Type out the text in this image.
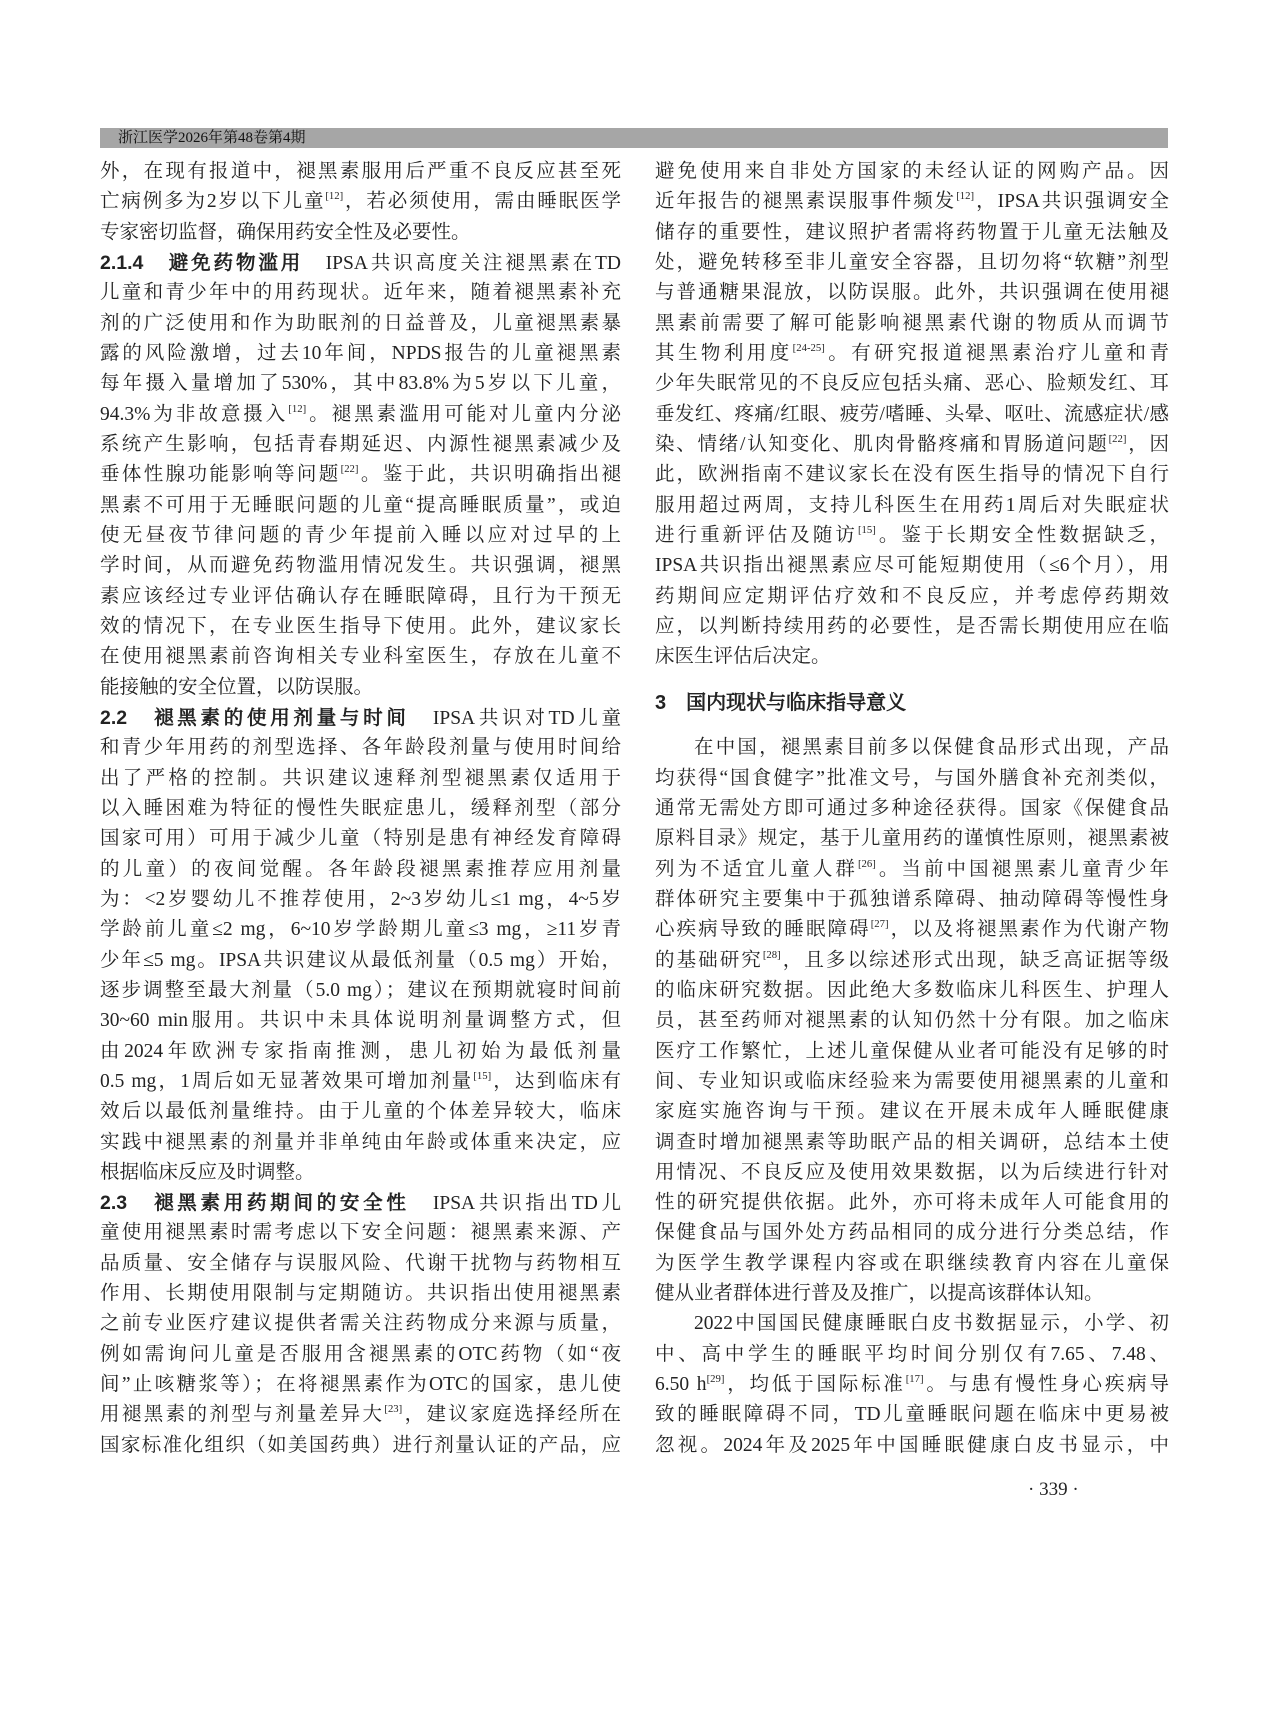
浙江医学2026年第48卷第4期
外，在现有报道中，褪黑素服用后严重不良反应甚至死
亡病例多为2岁以下儿童[12]，若必须使用，需由睡眠医学
专家密切监督，确保用药安全性及必要性。
2.1.4　避免药物滥用　IPSA共识高度关注褪黑素在TD
儿童和青少年中的用药现状。近年来，随着褪黑素补充
剂的广泛使用和作为助眠剂的日益普及，儿童褪黑素暴
露的风险激增，过去10年间，NPDS报告的儿童褪黑素
每年摄入量增加了530%，其中83.8%为5岁以下儿童，
94.3%为非故意摄入[12]。褪黑素滥用可能对儿童内分泌
系统产生影响，包括青春期延迟、内源性褪黑素减少及
垂体性腺功能影响等问题[22]。鉴于此，共识明确指出褪
黑素不可用于无睡眠问题的儿童“提高睡眠质量”，或迫
使无昼夜节律问题的青少年提前入睡以应对过早的上
学时间，从而避免药物滥用情况发生。共识强调，褪黑
素应该经过专业评估确认存在睡眠障碍，且行为干预无
效的情况下，在专业医生指导下使用。此外，建议家长
在使用褪黑素前咨询相关专业科室医生，存放在儿童不
能接触的安全位置，以防误服。
2.2　褪黑素的使用剂量与时间　IPSA共识对TD儿童
和青少年用药的剂型选择、各年龄段剂量与使用时间给
出了严格的控制。共识建议速释剂型褪黑素仅适用于
以入睡困难为特征的慢性失眠症患儿，缓释剂型（部分
国家可用）可用于减少儿童（特别是患有神经发育障碍
的儿童）的夜间觉醒。各年龄段褪黑素推荐应用剂量
为：<2岁婴幼儿不推荐使用，2~3岁幼儿≤1 mg，4~5岁
学龄前儿童≤2 mg，6~10岁学龄期儿童≤3 mg，≥11岁青
少年≤5 mg。IPSA共识建议从最低剂量（0.5 mg）开始，
逐步调整至最大剂量（5.0 mg）；建议在预期就寝时间前
30~60 min服用。共识中未具体说明剂量调整方式，但
由2024年欧洲专家指南推测，患儿初始为最低剂量
0.5 mg，1周后如无显著效果可增加剂量[15]，达到临床有
效后以最低剂量维持。由于儿童的个体差异较大，临床
实践中褪黑素的剂量并非单纯由年龄或体重来决定，应
根据临床反应及时调整。
2.3　褪黑素用药期间的安全性　IPSA共识指出TD儿
童使用褪黑素时需考虑以下安全问题：褪黑素来源、产
品质量、安全储存与误服风险、代谢干扰物与药物相互
作用、长期使用限制与定期随访。共识指出使用褪黑素
之前专业医疗建议提供者需关注药物成分来源与质量，
例如需询问儿童是否服用含褪黑素的OTC药物（如“夜
间”止咳糖浆等）；在将褪黑素作为OTC的国家，患儿使
用褪黑素的剂型与剂量差异大[23]，建议家庭选择经所在
国家标准化组织（如美国药典）进行剂量认证的产品，应
避免使用来自非处方国家的未经认证的网购产品。因
近年报告的褪黑素误服事件频发[12]，IPSA共识强调安全
储存的重要性，建议照护者需将药物置于儿童无法触及
处，避免转移至非儿童安全容器，且切勿将“软糖”剂型
与普通糖果混放，以防误服。此外，共识强调在使用褪
黑素前需要了解可能影响褪黑素代谢的物质从而调节
其生物利用度[24-25]。有研究报道褪黑素治疗儿童和青
少年失眠常见的不良反应包括头痛、恶心、脸颊发红、耳
垂发红、疼痛/红眼、疲劳/嗜睡、头晕、呕吐、流感症状/感
染、情绪/认知变化、肌肉骨骼疼痛和胃肠道问题[22]，因
此，欧洲指南不建议家长在没有医生指导的情况下自行
服用超过两周，支持儿科医生在用药1周后对失眠症状
进行重新评估及随访[15]。鉴于长期安全性数据缺乏，
IPSA共识指出褪黑素应尽可能短期使用（≤6个月），用
药期间应定期评估疗效和不良反应，并考虑停药期效
应，以判断持续用药的必要性，是否需长期使用应在临
床医生评估后决定。
3　国内现状与临床指导意义
在中国，褪黑素目前多以保健食品形式出现，产品
均获得“国食健字”批准文号，与国外膳食补充剂类似，
通常无需处方即可通过多种途径获得。国家《保健食品
原料目录》规定，基于儿童用药的谨慎性原则，褪黑素被
列为不适宜儿童人群[26]。当前中国褪黑素儿童青少年
群体研究主要集中于孤独谱系障碍、抽动障碍等慢性身
心疾病导致的睡眠障碍[27]，以及将褪黑素作为代谢产物
的基础研究[28]，且多以综述形式出现，缺乏高证据等级
的临床研究数据。因此绝大多数临床儿科医生、护理人
员，甚至药师对褪黑素的认知仍然十分有限。加之临床
医疗工作繁忙，上述儿童保健从业者可能没有足够的时
间、专业知识或临床经验来为需要使用褪黑素的儿童和
家庭实施咨询与干预。建议在开展未成年人睡眠健康
调查时增加褪黑素等助眠产品的相关调研，总结本土使
用情况、不良反应及使用效果数据，以为后续进行针对
性的研究提供依据。此外，亦可将未成年人可能食用的
保健食品与国外处方药品相同的成分进行分类总结，作
为医学生教学课程内容或在职继续教育内容在儿童保
健从业者群体进行普及及推广，以提高该群体认知。
2022中国国民健康睡眠白皮书数据显示，小学、初
中、高中学生的睡眠平均时间分别仅有7.65、7.48、
6.50 h[29]，均低于国际标准[17]。与患有慢性身心疾病导
致的睡眠障碍不同，TD儿童睡眠问题在临床中更易被
忽视。2024年及2025年中国睡眠健康白皮书显示，中
· 339 ·
